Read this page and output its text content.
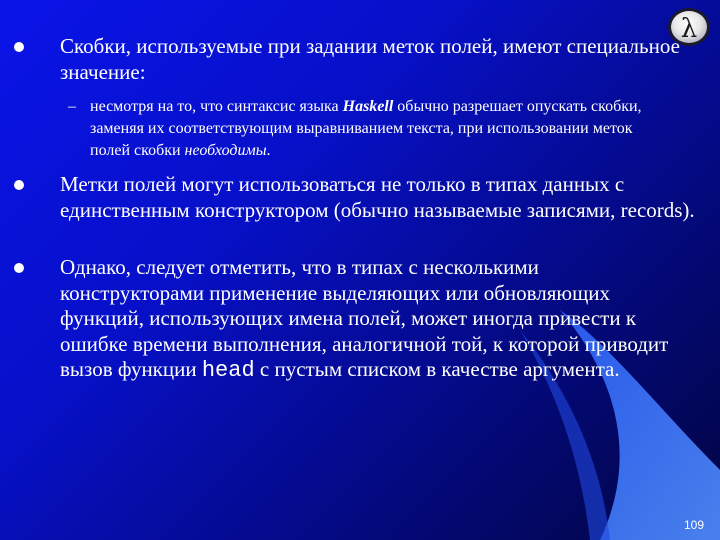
λ

Скобки, используемые при задании меток полей, имеют специальное значение:

– несмотря на то, что синтаксис языка Haskell обычно разрешает опускать скобки, заменяя их соответствующим выравниванием текста, при использовании меток полей скобки необходимы.

Метки полей могут использоваться не только в типах данных с единственным конструктором (обычно называемые записями, records).

Однако, следует отметить, что в типах с несколькими конструкторами применение выделяющих или обновляющих функций, использующих имена полей, может иногда привести к ошибке времени выполнения, аналогичной той, к которой приводит вызов функции head с пустым списком в качестве аргумента.

109
